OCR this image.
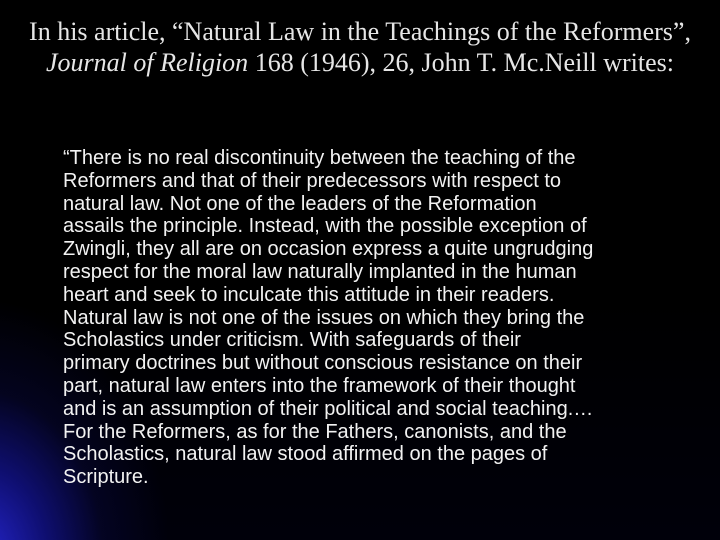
In his article, “Natural Law in the Teachings of the Reformers”, Journal of Religion 168 (1946), 26, John T. Mc.Neill writes:

“There is no real discontinuity between the teaching of the
Reformers and that of their predecessors with respect to
natural law. Not one of the leaders of the Reformation
assails the principle. Instead, with the possible exception of
Zwingli, they all are on occasion express a quite ungrudging
respect for the moral law naturally implanted in the human
heart and seek to inculcate this attitude in their readers.
Natural law is not one of the issues on which they bring the
Scholastics under criticism. With safeguards of their
primary doctrines but without conscious resistance on their
part, natural law enters into the framework of their thought
and is an assumption of their political and social teaching.…
For the Reformers, as for the Fathers, canonists, and the
Scholastics, natural law stood affirmed on the pages of
Scripture.
